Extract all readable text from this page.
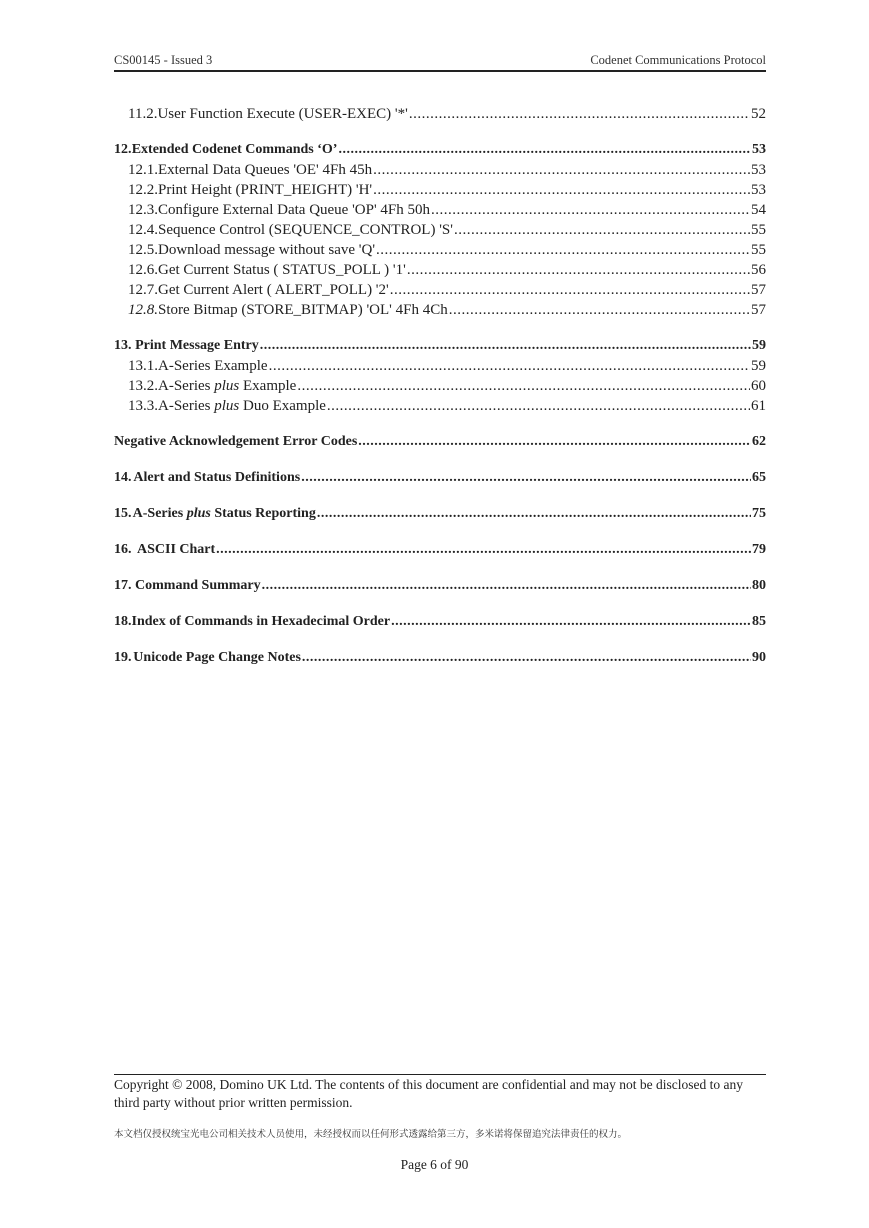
CS00145 - Issued 3	Codenet Communications Protocol
11.2. User Function Execute (USER-EXEC) '*' .....	52
12. Extended Codenet Commands ‘O’ .....	53
12.1. External Data Queues 'OE' 4Fh 45h .....	53
12.2. Print Height (PRINT_HEIGHT) 'H' .....	53
12.3. Configure External Data Queue 'OP' 4Fh 50h .....	54
12.4. Sequence Control (SEQUENCE_CONTROL) 'S' .....	55
12.5. Download message without save 'Q' .....	55
12.6. Get Current Status ( STATUS_POLL ) '1' .....	56
12.7. Get Current Alert ( ALERT_POLL) '2' .....	57
12.8. Store Bitmap (STORE_BITMAP) 'OL' 4Fh 4Ch .....	57
13. Print Message Entry .....	59
13.1. A-Series Example .....	59
13.2. A-Series plus Example .....	60
13.3. A-Series plus Duo Example .....	61
Negative Acknowledgement Error Codes .....	62
14. Alert and Status Definitions .....	65
15. A-Series plus Status Reporting .....	75
16. ASCII Chart .....	79
17. Command Summary .....	80
18. Index of Commands in Hexadecimal Order .....	85
19. Unicode Page Change Notes .....	90
Copyright © 2008, Domino UK Ltd. The contents of this document are confidential and may not be disclosed to any third party without prior written permission.
本文档仅授权统宝光电公司相关技术人员使用，未经授权而以任何形式透露给第三方，多米诺将保留追究法律责任的权力。
Page 6 of 90
